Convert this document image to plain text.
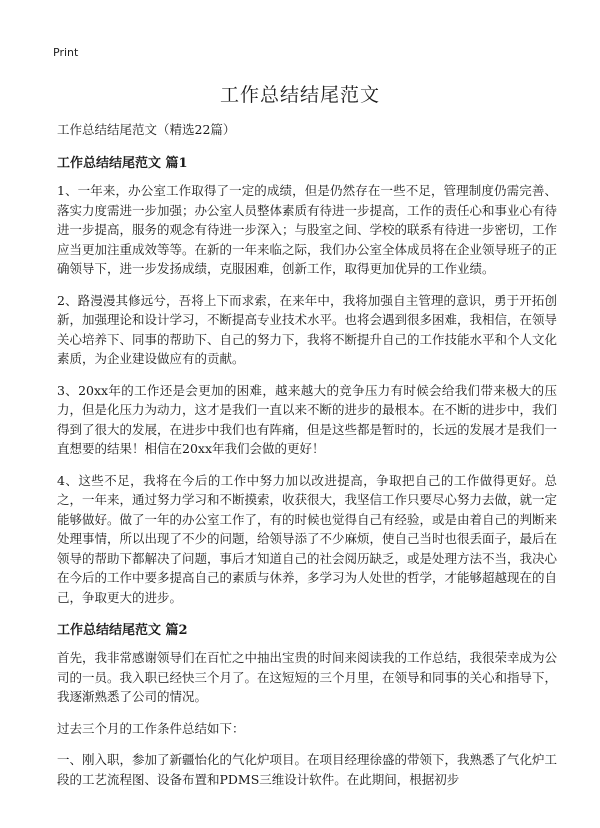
Print
工作总结结尾范文

工作总结结尾范文（精选22篇）

工作总结结尾范文 篇1

1、一年来，办公室工作取得了一定的成绩，但是仍然存在一些不足，管理制度仍需完善、落实力度需进一步加强；办公室人员整体素质有待进一步提高，工作的责任心和事业心有待进一步提高，服务的观念有待进一步深入；与股室之间、学校的联系有待进一步密切，工作应当更加注重成效等等。在新的一年来临之际，我们办公室全体成员将在企业领导班子的正确领导下，进一步发扬成绩，克服困难，创新工作，取得更加优异的工作业绩。

2、路漫漫其修远兮，吾将上下而求索，在来年中，我将加强自主管理的意识，勇于开拓创新，加强理论和设计学习，不断提高专业技术水平。也将会遇到很多困难，我相信，在领导关心培养下、同事的帮助下、自己的努力下，我将不断提升自己的工作技能水平和个人文化素质，为企业建设做应有的贡献。

3、20xx年的工作还是会更加的困难，越来越大的竞争压力有时候会给我们带来极大的压力，但是化压力为动力，这才是我们一直以来不断的进步的最根本。在不断的进步中，我们得到了很大的发展，在进步中我们也有阵痛，但是这些都是暂时的，长远的发展才是我们一直想要的结果！相信在20xx年我们会做的更好！

4、这些不足，我将在今后的工作中努力加以改进提高，争取把自己的工作做得更好。总之，一年来，通过努力学习和不断摸索，收获很大，我坚信工作只要尽心努力去做，就一定能够做好。做了一年的办公室工作了，有的时候也觉得自己有经验，或是由着自己的判断来处理事情，所以出现了不少的问题，给领导添了不少麻烦，使自己当时也很丢面子，最后在领导的帮助下都解决了问题，事后才知道自己的社会阅历缺乏，或是处理方法不当，我决心在今后的工作中要多提高自己的素质与休养，多学习为人处世的哲学，才能够超越现在的自己，争取更大的进步。

工作总结结尾范文 篇2

首先，我非常感谢领导们在百忙之中抽出宝贵的时间来阅读我的工作总结，我很荣幸成为公司的一员。我入职已经快三个月了。在这短短的三个月里，在领导和同事的关心和指导下，我逐渐熟悉了公司的情况。

过去三个月的工作条件总结如下：

一、刚入职，参加了新疆怡化的气化炉项目。在项目经理徐盛的带领下，我熟悉了气化炉工段的工艺流程图、设备布置和PDMS三维设计软件。在此期间，根据初步
